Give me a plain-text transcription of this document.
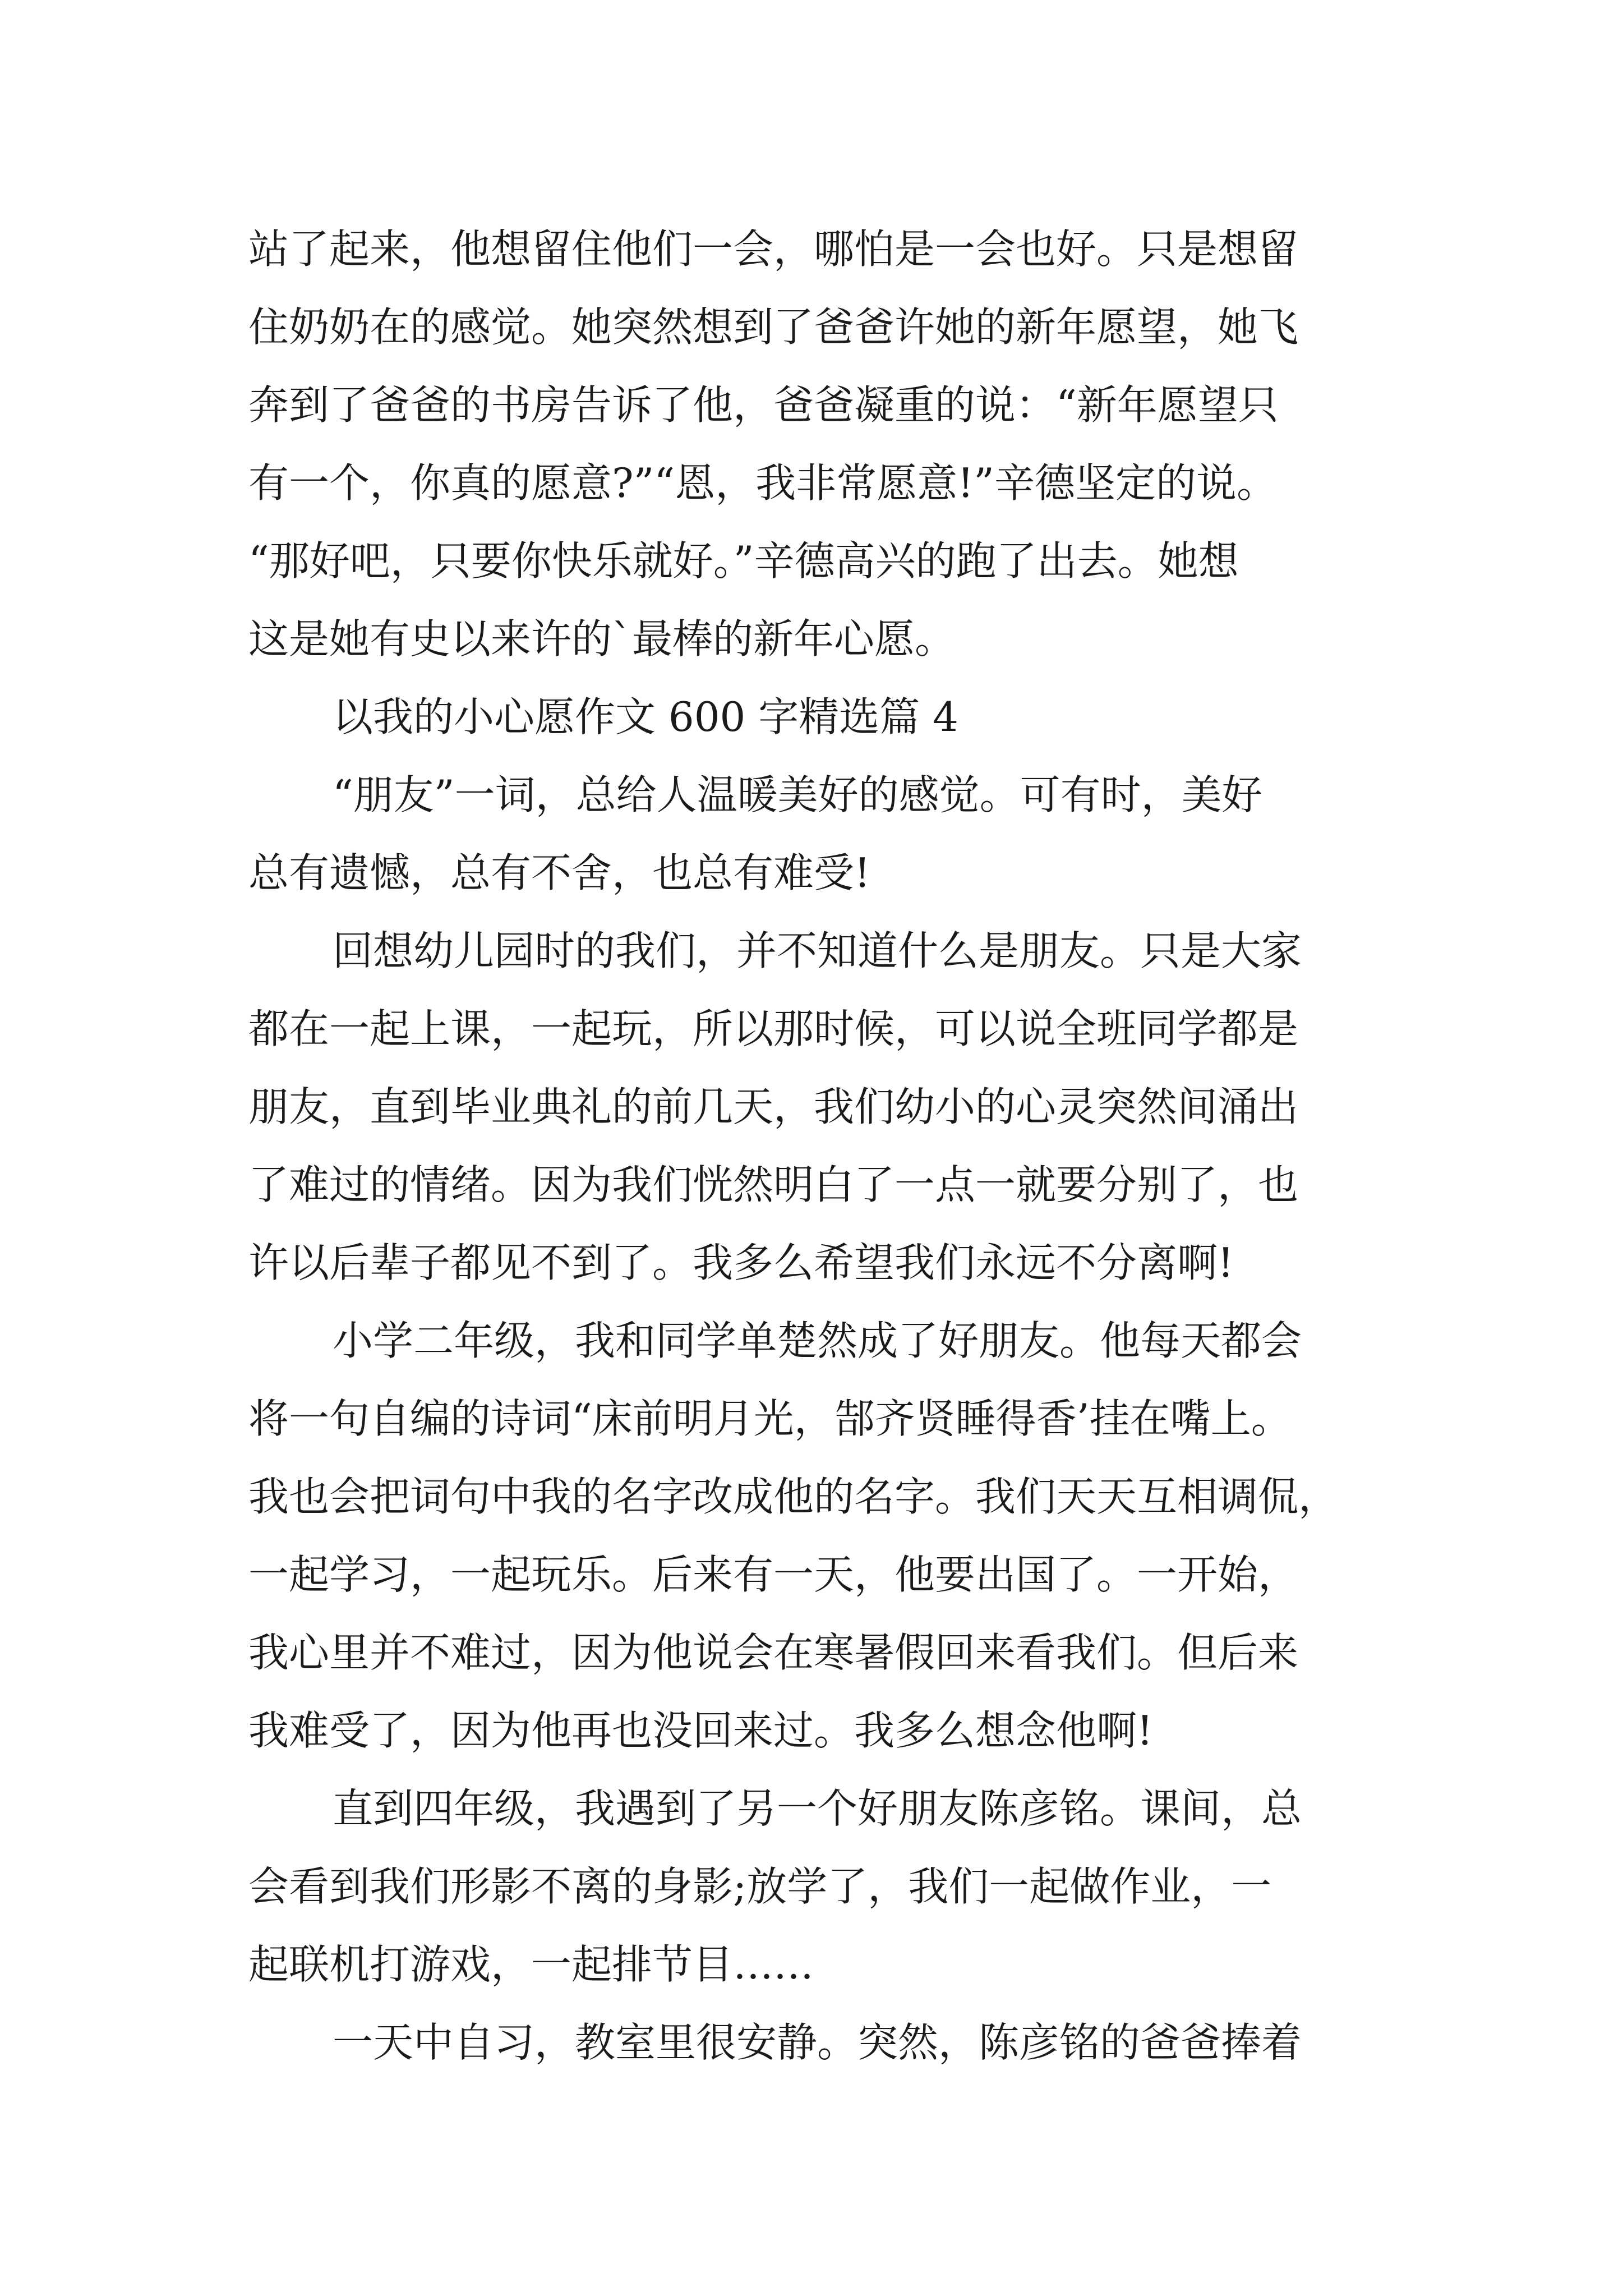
站了起来，他想留住他们一会，哪怕是一会也好。只是想留
住奶奶在的感觉。她突然想到了爸爸许她的新年愿望，她飞
奔到了爸爸的书房告诉了他，爸爸凝重的说：“新年愿望只
有一个，你真的愿意?”“恩，我非常愿意!”辛德坚定的说。
“那好吧，只要你快乐就好。”辛德高兴的跑了出去。她想
这是她有史以来许的`最棒的新年心愿。
以我的小心愿作文 600 字精选篇 4
“朋友”一词，总给人温暖美好的感觉。可有时，美好
总有遗憾，总有不舍，也总有难受!
回想幼儿园时的我们，并不知道什么是朋友。只是大家
都在一起上课，一起玩，所以那时候，可以说全班同学都是
朋友，直到毕业典礼的前几天，我们幼小的心灵突然间涌出
了难过的情绪。因为我们恍然明白了一点一就要分别了，也
许以后辈子都见不到了。我多么希望我们永远不分离啊!
小学二年级，我和同学单楚然成了好朋友。他每天都会
将一句自编的诗词“床前明月光，郜齐贤睡得香’挂在嘴上。
我也会把词句中我的名字改成他的名字。我们天天互相调侃，
一起学习，一起玩乐。后来有一天，他要出国了。一开始，
我心里并不难过，因为他说会在寒暑假回来看我们。但后来
我难受了，因为他再也没回来过。我多么想念他啊!
直到四年级，我遇到了另一个好朋友陈彦铭。课间，总
会看到我们形影不离的身影;放学了，我们一起做作业，一
起联机打游戏，一起排节目……
一天中自习，教室里很安静。突然，陈彦铭的爸爸捧着
